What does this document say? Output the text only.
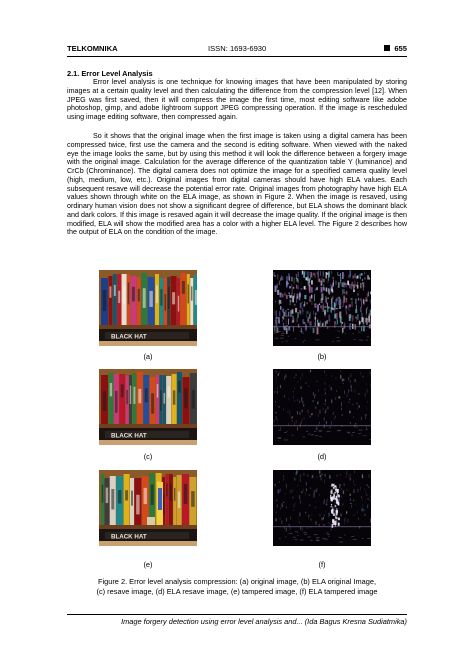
TELKOMNIKA	ISSN: 1693-6930	655
2.1. Error Level Analysis

Error level analysis is one technique for knowing images that have been manipulated by storing images at a certain quality level and then calculating the difference from the compression level [12]. When JPEG was first saved, then it will compress the image the first time, most editing software like adobe photoshop, gimp, and adobe lightroom support JPEG compressing operation. If the image is rescheduled using image editing software, then compressed again.

So it shows that the original image when the first image is taken using a digital camera has been compressed twice, first use the camera and the second is editing software. When viewed with the naked eye the image looks the same, but by using this method it will look the difference between a forgery image with the original image. Calculation for the average difference of the quantization table Y (luminance) and CrCb (Chrominance). The digital camera does not optimize the image for a specified camera quality level (high, medium, low, etc.). Original images from digital cameras should have high ELA values. Each subsequent resave will decrease the potential error rate. Original images from photography have high ELA values shown through white on the ELA image, as shown in Figure 2. When the image is resaved, using ordinary human vision does not show a significant degree of difference, but ELA shows the dominant black and dark colors. If this image is resaved again it will decrease the image quality. If the original image is then modified, ELA will show the modified area has a color with a higher ELA level. The Figure 2 describes how the output of ELA on the condition of the image.

BLACK HAT
BLACK HAT
BLACK HAT
(a)	(b)
(c)	(d)
(e)	(f)
Figure 2. Error level analysis compression: (a) original image, (b) ELA original Image,
(c) resave image, (d) ELA resave image, (e) tampered image, (f) ELA tampered image
Image forgery detection using error level analysis and... (Ida Bagus Kresna Sudiatmika)
